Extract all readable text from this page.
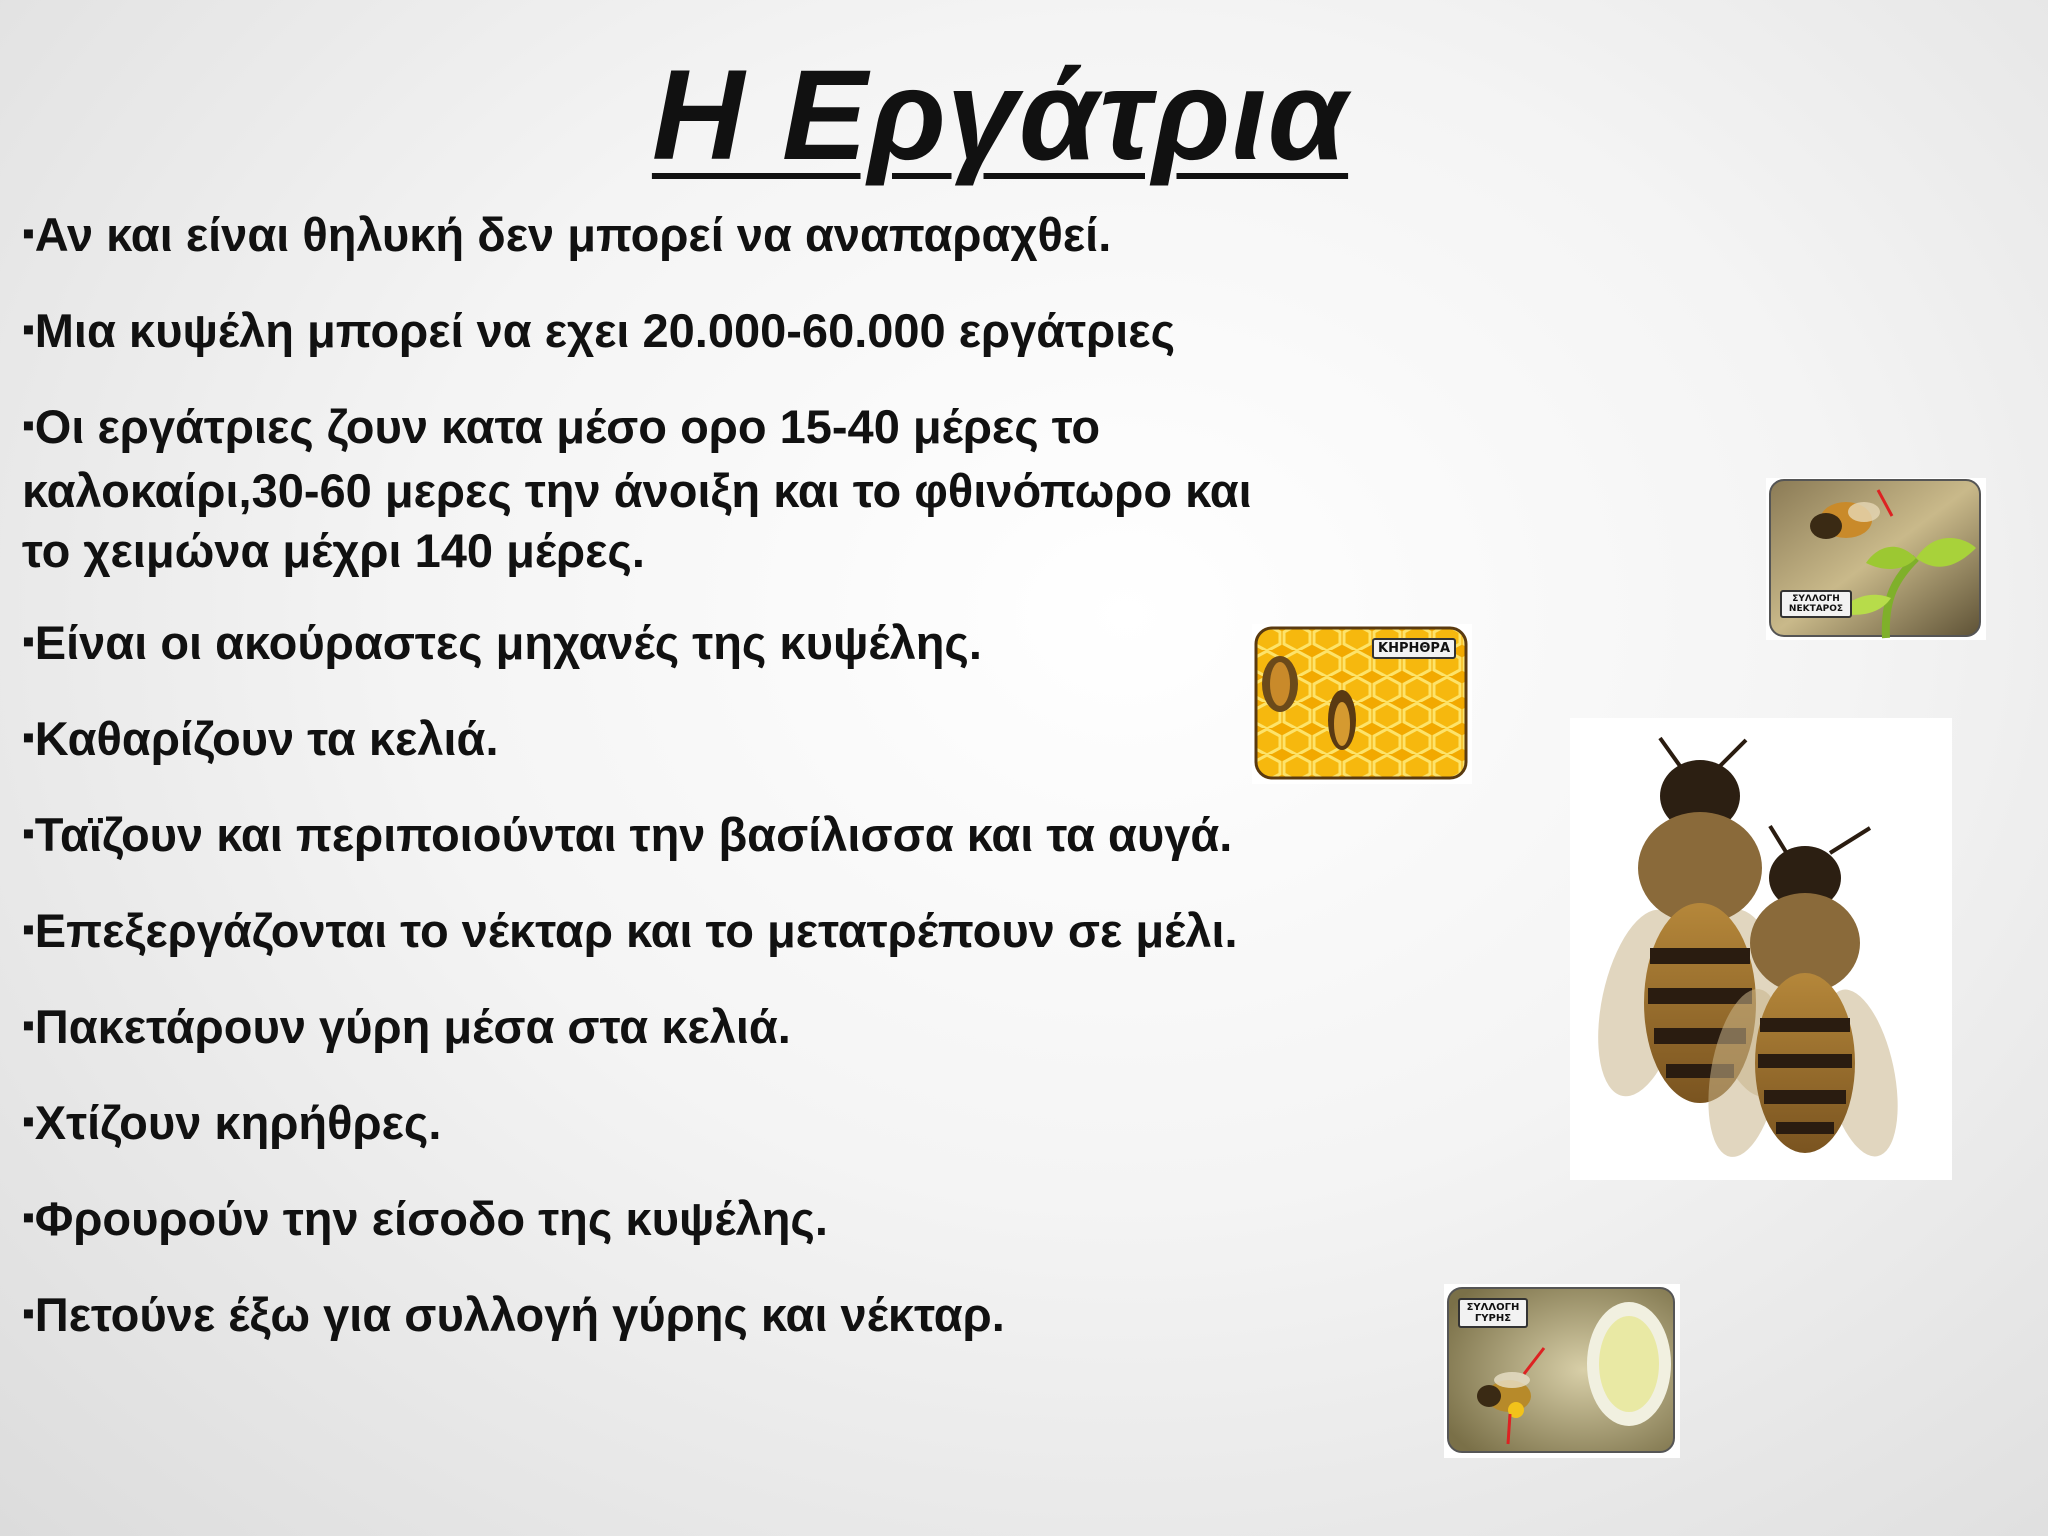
Η Εργάτρια
▪ Αν και είναι θηλυκή δεν μπορεί να αναπαραχθεί.
▪ Μια κυψέλη μπορεί να εχει 20.000-60.000 εργάτριες
▪ Οι εργάτριες ζουν κατα μέσο ορο 15-40 μέρες το καλοκαίρι,30-60 μερες την άνοιξη και το φθινόπωρο και το χειμώνα μέχρι 140 μέρες.
▪ Είναι οι ακούραστες μηχανές της κυψέλης.
▪ Καθαρίζουν τα κελιά.
▪ Ταϊζουν και περιποιούνται την βασίλισσα και τα αυγά.
▪ Επεξεργάζονται το νέκταρ και το μετατρέπουν σε μέλι.
▪ Πακετάρουν γύρη μέσα στα κελιά.
▪ Χτίζουν κηρήθρες.
▪ Φρουρούν την είσοδο της κυψέλης.
▪ Πετούνε έξω για συλλογή γύρης και νέκταρ.
ΣΥΛΛΟΓΗ ΝΕΚΤΑΡΟΣ
ΚΗΡΗΘΡΑ
ΣΥΛΛΟΓΗ ΓΥΡΗΣ
